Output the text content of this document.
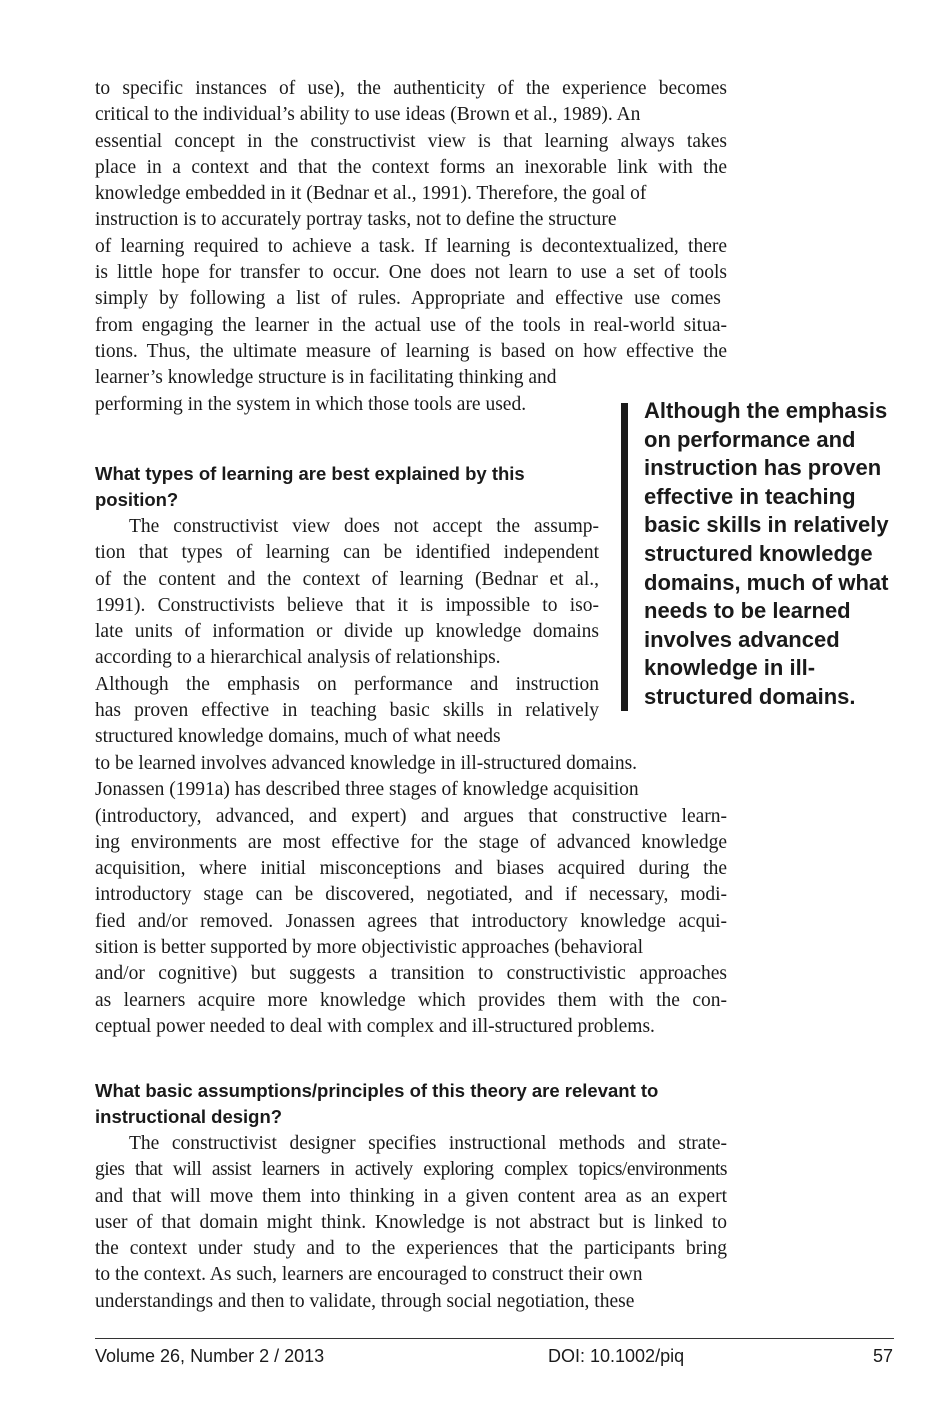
to specific instances of use), the authenticity of the experience becomes
critical to the individual’s ability to use ideas (Brown et al., 1989). An
essential concept in the constructivist view is that learning always takes
place in a context and that the context forms an inexorable link with the
knowledge embedded in it (Bednar et al., 1991). Therefore, the goal of
instruction is to accurately portray tasks, not to define the structure
of learning required to achieve a task. If learning is decontextualized, there
is little hope for transfer to occur. One does not learn to use a set of tools
simply by following a list of rules. Appropriate and effective use comes
from engaging the learner in the actual use of the tools in real-world situa-
tions. Thus, the ultimate measure of learning is based on how effective the
learner’s knowledge structure is in facilitating thinking and
performing in the system in which those tools are used.
What types of learning are best explained by this
position?
The constructivist view does not accept the assump-
tion that types of learning can be identified independent
of the content and the context of learning (Bednar et al.,
1991). Constructivists believe that it is impossible to iso-
late units of information or divide up knowledge domains
according to a hierarchical analysis of relationships.
Although the emphasis on performance and instruction
has proven effective in teaching basic skills in relatively
structured knowledge domains, much of what needs
to be learned involves advanced knowledge in ill-structured domains.
Jonassen (1991a) has described three stages of knowledge acquisition
(introductory, advanced, and expert) and argues that constructive learn-
ing environments are most effective for the stage of advanced knowledge
acquisition, where initial misconceptions and biases acquired during the
introductory stage can be discovered, negotiated, and if necessary, modi-
fied and/or removed. Jonassen agrees that introductory knowledge acqui-
sition is better supported by more objectivistic approaches (behavioral
and/or cognitive) but suggests a transition to constructivistic approaches
as learners acquire more knowledge which provides them with the con-
ceptual power needed to deal with complex and ill-structured problems.
What basic assumptions/principles of this theory are relevant to
instructional design?
The constructivist designer specifies instructional methods and strate-
gies that will assist learners in actively exploring complex topics/environments
and that will move them into thinking in a given content area as an expert
user of that domain might think. Knowledge is not abstract but is linked to
the context under study and to the experiences that the participants bring
to the context. As such, learners are encouraged to construct their own
understandings and then to validate, through social negotiation, these
Although the emphasis
on performance and
instruction has proven
effective in teaching
basic skills in relatively
structured knowledge
domains, much of what
needs to be learned
involves advanced
knowledge in ill-
structured domains.
Volume 26, Number 2 / 2013	DOI: 10.1002/piq	57
